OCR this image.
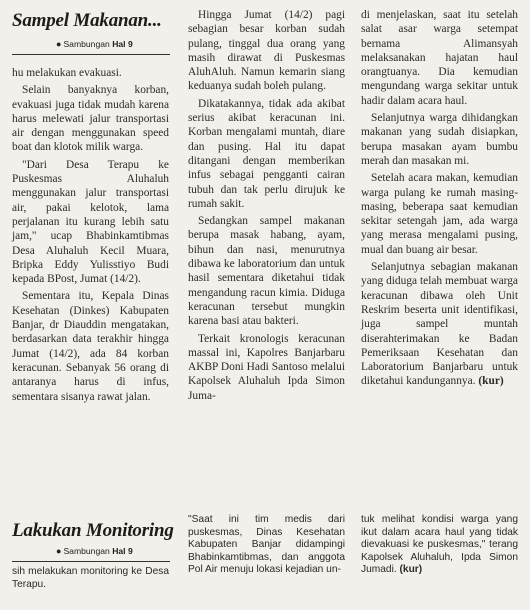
Sampel Makanan...
● Sambungan Hal 9

hu melakukan evakuasi.

Selain banyaknya korban, evakuasi juga tidak mudah karena harus melewati jalur transportasi air dengan menggunakan speed boat dan klotok milik warga.

"Dari Desa Terapu ke Puskesmas Aluhaluh menggunakan jalur transportasi air, pakai kelotok, lama perjalanan itu kurang lebih satu jam," ucap Bhabinkamtibmas Desa Aluhaluh Kecil Muara, Bripka Eddy Yulisstiyo Budi kepada BPost, Jumat (14/2).

Sementara itu, Kepala Dinas Kesehatan (Dinkes) Kabupaten Banjar, dr Diauddin mengatakan, berdasarkan data terakhir hingga Jumat (14/2), ada 84 korban keracunan. Sebanyak 56 orang di antaranya harus di infus, sementara sisanya rawat jalan.

Hingga Jumat (14/2) pagi sebagian besar korban sudah pulang, tinggal dua orang yang masih dirawat di Puskesmas AluhAluh. Namun kemarin siang keduanya sudah boleh pulang.

Dikatakannya, tidak ada akibat serius akibat keracunan ini. Korban mengalami muntah, diare dan pusing. Hal itu dapat ditangani dengan memberikan infus sebagai pengganti cairan tubuh dan tak perlu dirujuk ke rumah sakit.

Sedangkan sampel makanan berupa masak habang, ayam, bihun dan nasi, menurutnya dibawa ke laboratorium dan untuk hasil sementara diketahui tidak mengandung racun kimia. Diduga keracunan tersebut mungkin karena basi atau bakteri.

Terkait kronologis keracunan massal ini, Kapolres Banjarbaru AKBP Doni Hadi Santoso melalui Kapolsek Aluhaluh Ipda Simon Juma-

di menjelaskan, saat itu setelah salat asar warga setempat bernama Alimansyah melaksanakan hajatan haul orangtuanya. Dia kemudian mengundang warga sekitar untuk hadir dalam acara haul.

Selanjutnya warga dihidangkan makanan yang sudah disiapkan, berupa masakan ayam bumbu merah dan masakan mi.

Setelah acara makan, kemudian warga pulang ke rumah masing-masing, beberapa saat kemudian sekitar setengah jam, ada warga yang merasa mengalami pusing, mual dan buang air besar.

Selanjutnya sebagian makanan yang diduga telah membuat warga keracunan dibawa oleh Unit Reskrim beserta unit identifikasi, juga sampel muntah diserahterimakan ke Badan Pemeriksaan Kesehatan dan Laboratorium Banjarbaru untuk diketahui kandungannya. (kur)

Lakukan Monitoring
● Sambungan Hal 9

sih melakukan monitoring ke Desa Terapu.

"Saat ini tim medis dari puskesmas, Dinas Kesehatan Kabupaten Banjar didampingi Bhabinkamtibmas, dan anggota Pol Air menuju lokasi kejadian un-

tuk melihat kondisi warga yang ikut dalam acara haul yang tidak dievakuasi ke puskesmas," terang Kapolsek Aluhaluh, Ipda Simon Jumadi. (kur)
